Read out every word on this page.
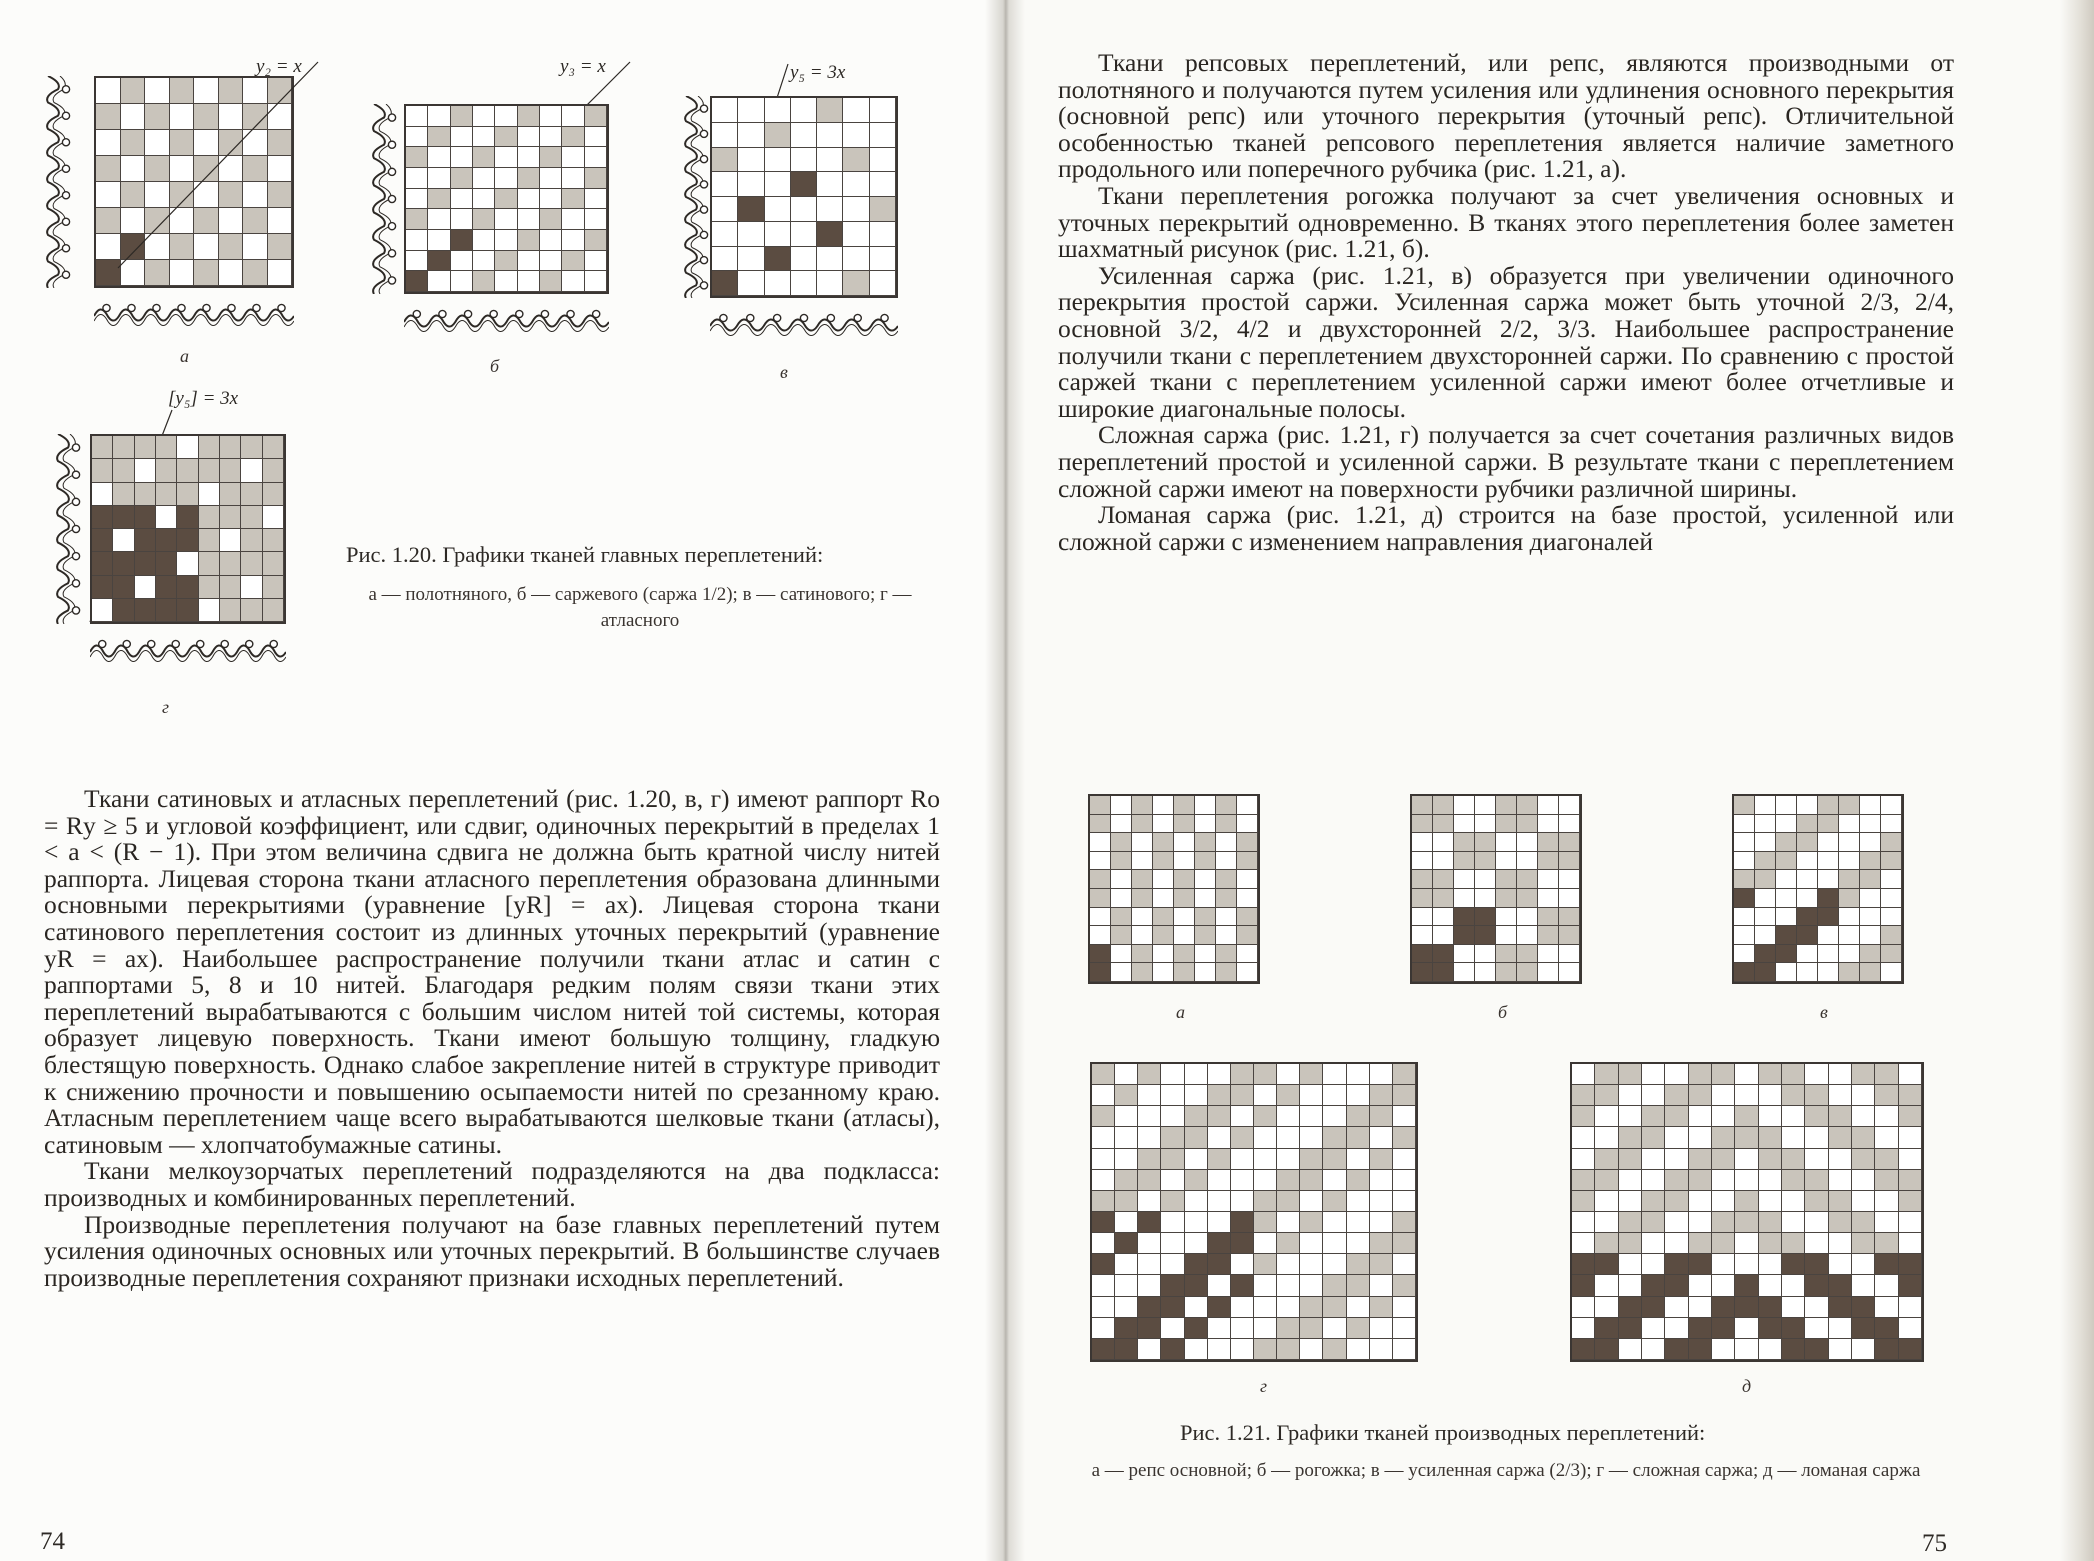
y₂ = x
а
y₃ = x
б
y₅ = 3x
в
[y₅] = 3x
г
Рис. 1.20. Графики тканей главных переплетений:
а — полотняного, б — саржевого (саржа 1/2); в — сатинового; г — атласного

Ткани сатиновых и атласных переплетений (рис. 1.20, в, г) имеют раппорт Rо = Rу ≥ 5 и угловой коэффициент, или сдвиг, одиночных перекрытий в пределах 1 < a < (R − 1). При этом величина сдвига не должна быть кратной числу нитей раппорта. Лицевая сторона ткани атласного переплетения образована длинными основными перекрытиями (уравнение [yR] = ax). Лицевая сторона ткани сатинового переплетения состоит из длинных уточных перекрытий (уравнение yR = ax). Наибольшее распространение получили ткани атлас и сатин с раппортами 5, 8 и 10 нитей. Благодаря редким полям связи ткани этих переплетений вырабатываются с большим числом нитей той системы, которая образует лицевую поверхность. Ткани имеют большую толщину, гладкую блестящую поверхность. Однако слабое закрепление нитей в структуре приводит к снижению прочности и повышению осыпаемости нитей по срезанному краю. Атласным переплетением чаще всего вырабатываются шелковые ткани (атласы), сатиновым — хлопчатобумажные сатины.

Ткани мелкоузорчатых переплетений подразделяются на два подкласса: производных и комбинированных переплетений.

Производные переплетения получают на базе главных переплетений путем усиления одиночных основных или уточных перекрытий. В большинстве случаев производные переплетения сохраняют признаки исходных переплетений.

74

Ткани репсовых переплетений, или репс, являются производными от полотняного и получаются путем усиления или удлинения основного перекрытия (основной репс) или уточного перекрытия (уточный репс). Отличительной особенностью тканей репсового переплетения является наличие заметного продольного или поперечного рубчика (рис. 1.21, а).

Ткани переплетения рогожка получают за счет увеличения основных и уточных перекрытий одновременно. В тканях этого переплетения более заметен шахматный рисунок (рис. 1.21, б).

Усиленная саржа (рис. 1.21, в) образуется при увеличении одиночного перекрытия простой саржи. Усиленная саржа может быть уточной 2/3, 2/4, основной 3/2, 4/2 и двухсторонней 2/2, 3/3. Наибольшее распространение получили ткани с переплетением двухсторонней саржи. По сравнению с простой саржей ткани с переплетением усиленной саржи имеют более отчетливые и широкие диагональные полосы.

Сложная саржа (рис. 1.21, г) получается за счет сочетания различных видов переплетений простой и усиленной саржи. В результате ткани с переплетением сложной саржи имеют на поверхности рубчики различной ширины.

Ломаная саржа (рис. 1.21, д) строится на базе простой, усиленной или сложной саржи с изменением направления диагоналей

а	б	в
г	д
Рис. 1.21. Графики тканей производных переплетений:
а — репс основной; б — рогожка; в — усиленная саржа (2/3); г — сложная саржа; д — ломаная саржа
75
